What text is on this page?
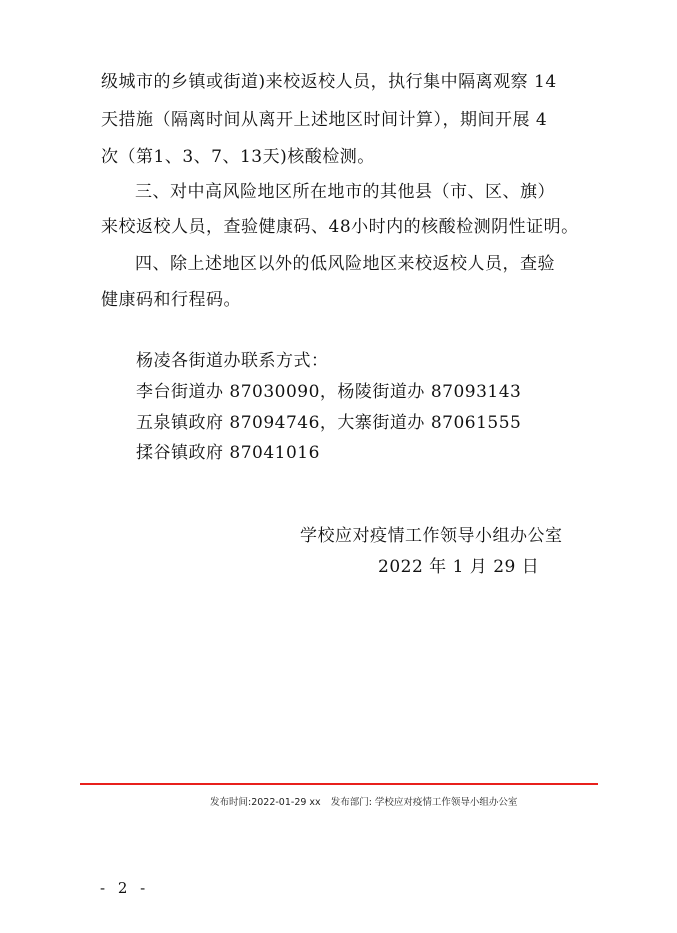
级城市的乡镇或街道)来校返校人员，执行集中隔离观察 14
天措施（隔离时间从离开上述地区时间计算），期间开展 4
次（第1、3、7、13天)核酸检测。
三、对中高风险地区所在地市的其他县（市、区、旗）
来校返校人员，查验健康码、48小时内的核酸检测阴性证明。
四、除上述地区以外的低风险地区来校返校人员，查验
健康码和行程码。
杨凌各街道办联系方式：
李台街道办 87030090，杨陵街道办 87093143
五泉镇政府 87094746，大寨街道办 87061555
揉谷镇政府 87041016
学校应对疫情工作领导小组办公室
2022 年 1 月 29 日
发布时间:2022-01-29 xx 发布部门: 学校应对疫情工作领导小组办公室
- 2 -
